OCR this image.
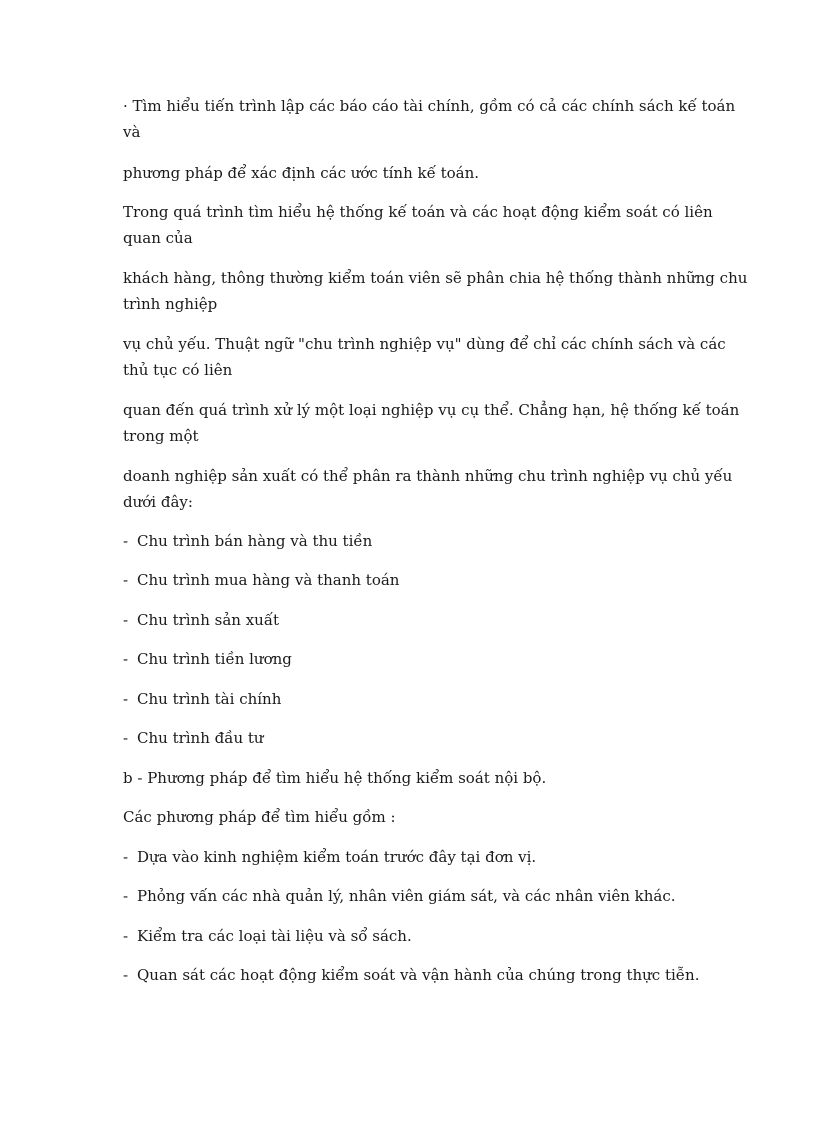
· Tìm hiểu tiến trình lập các báo cáo tài chính, gồm có cả các chính sách kế toán
và
phương pháp để xác định các ước tính kế toán.
Trong quá trình tìm hiểu hệ thống kế toán và các hoạt động kiểm soát có liên
quan của
khách hàng, thông thường kiểm toán viên sẽ phân chia hệ thống thành những chu
trình nghiệp
vụ chủ yếu. Thuật ngữ "chu trình nghiệp vụ" dùng để chỉ các chính sách và các
thủ tục có liên
quan đến quá trình xử lý một loại nghiệp vụ cụ thể. Chẳng hạn, hệ thống kế toán
trong một
doanh nghiệp sản xuất có thể phân ra thành những chu trình nghiệp vụ chủ yếu
dưới đây:
- Chu trình bán hàng và thu tiền
- Chu trình mua hàng và thanh toán
- Chu trình sản xuất
- Chu trình tiền lương
- Chu trình tài chính
- Chu trình đầu tư
b - Phương pháp để tìm hiểu hệ thống kiểm soát nội bộ.
Các phương pháp để tìm hiểu gồm :
- Dựa vào kinh nghiệm kiểm toán trước đây tại đơn vị.
- Phỏng vấn các nhà quản lý, nhân viên giám sát, và các nhân viên khác.
- Kiểm tra các loại tài liệu và sổ sách.
- Quan sát các hoạt động kiểm soát và vận hành của chúng trong thực tiễn.
